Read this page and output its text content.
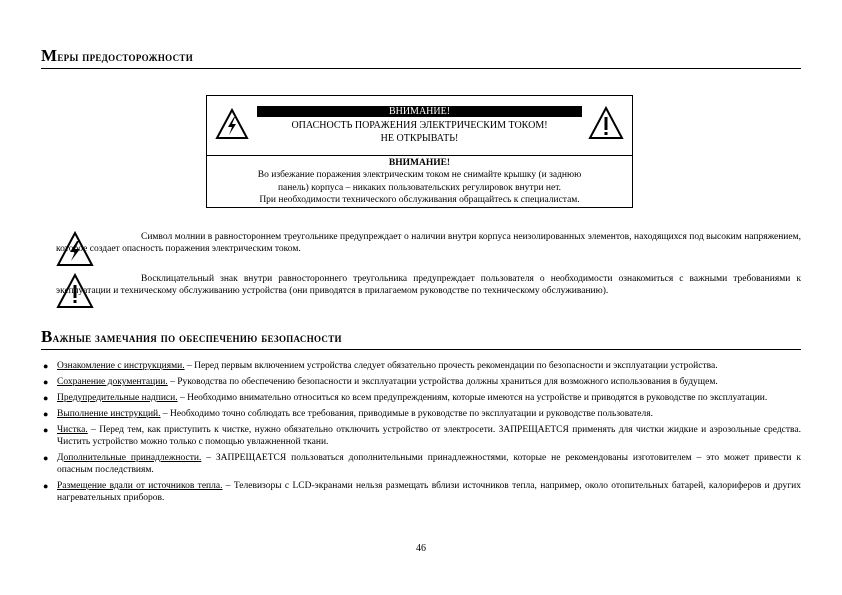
Меры предосторожности
ВНИМАНИЕ!
ОПАСНОСТЬ ПОРАЖЕНИЯ ЭЛЕКТРИЧЕСКИМ ТОКОМ!
НЕ ОТКРЫВАТЬ!
ВНИМАНИЕ!
Во избежание поражения электрическим током не снимайте крышку (и заднюю
панель) корпуса – никаких пользовательских регулировок внутри нет.
При необходимости технического обслуживания обращайтесь к специалистам.
Символ молнии в равностороннем треугольнике предупреждает о наличии внутри корпуса неизолированных элементов, находящихся под высоким напряжением, которое создает опасность поражения электрическим током.
Восклицательный знак внутри равностороннего треугольника предупреждает пользователя о необходимости ознакомиться с важными требованиями к эксплуатации и техническому обслуживанию устройства (они приводятся в прилагаемом руководстве по техническому обслуживанию).
Важные замечания по обеспечению безопасности
● Ознакомление с инструкциями. – Перед первым включением устройства следует обязательно прочесть рекомендации по безопасности и эксплуатации устройства.
● Сохранение документации. – Руководства по обеспечению безопасности и эксплуатации устройства должны храниться для возможного использования в будущем.
● Предупредительные надписи. – Необходимо внимательно относиться ко всем предупреждениям, которые имеются на устройстве и приводятся в руководстве по эксплуатации.
● Выполнение инструкций. – Необходимо точно соблюдать все требования, приводимые в руководстве по эксплуатации и руководстве пользователя.
● Чистка. – Перед тем, как приступить к чистке, нужно обязательно отключить устройство от электросети. ЗАПРЕЩАЕТСЯ применять для чистки жидкие и аэрозольные средства. Чистить устройство можно только с помощью увлажненной ткани.
● Дополнительные принадлежности. – ЗАПРЕЩАЕТСЯ пользоваться дополнительными принадлежностями, которые не рекомендованы изготовителем – это может привести к опасным последствиям.
● Размещение вдали от источников тепла. – Телевизоры с LCD-экранами нельзя размещать вблизи источников тепла, например, около отопительных батарей, калориферов и других нагревательных приборов.
46
